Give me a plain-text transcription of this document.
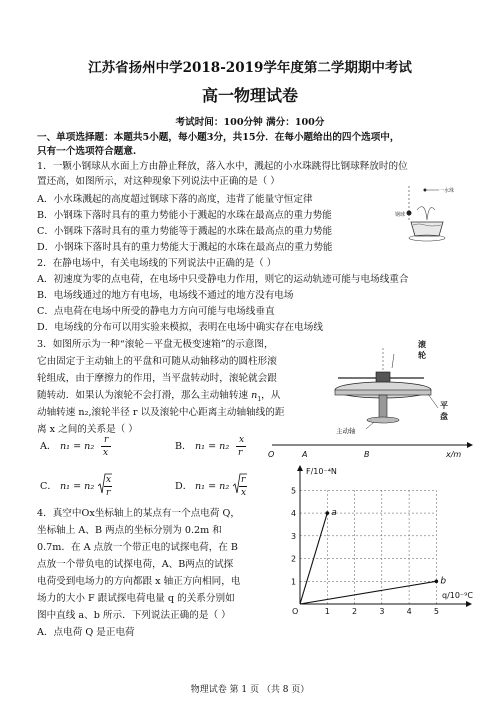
江苏省扬州中学2018-2019学年度第二学期期中考试
高一物理试卷
考试时间：100分钟 满分：100分
一、单项选择题：本题共5小题，每小题3分，共15分．在每小题给出的四个选项中，
只有一个选项符合题意.
1．一颗小钢球从水面上方由静止释放，落入水中，溅起的小水珠跳得比钢球释放时的位
置还高，如图所示，对这种现象下列说法中正确的是（ ）
A．小水珠溅起的高度超过钢球下落的高度，违背了能量守恒定律
B．小钢珠下落时具有的重力势能小于溅起的水珠在最高点的重力势能
C．小钢珠下落时具有的重力势能等于溅起的水珠在最高点的重力势能
D．小钢珠下落时具有的重力势能大于溅起的水珠在最高点的重力势能
一水珠
钢球
2．在静电场中，有关电场线的下列说法中正确的是（ ）
A．初速度为零的点电荷，在电场中只受静电力作用，则它的运动轨迹可能与电场线重合
B．电场线通过的地方有电场，电场线不通过的地方没有电场
C．点电荷在电场中所受的静电力方向可能与电场线垂直
D．电场线的分布可以用实验来模拟，表明在电场中确实存在电场线
3．如图所示为一种“滚轮－平盘无极变速箱”的示意图，
它由固定于主动轴上的平盘和可随从动轴移动的圆柱形滚
轮组成，由于摩擦力的作用，当平盘转动时，滚轮就会跟
随转动．如果认为滚轮不会打滑，那么主动轴转速 $n_1$，从
动轴转速 n₂,滚轮半径 r 以及滚轮中心距离主动轴轴线的距
离 x 之间的关系是（ ）
滚
轮
平
盘
主动轴
A． n₁ = n₂
r
x
B． n₁ = n₂
x
r
C． n₁ = n₂
x
r
D． n₁ = n₂
r
x
O	A	B	x/m
4．真空中Ox坐标轴上的某点有一个点电荷 Q，
坐标轴上 A、B 两点的坐标分别为 0.2m 和
0.7m．在 A 点放一个带正电的试探电荷，在 B
点放一个带负电的试探电荷，A、B两点的试探
电荷受到电场力的方向都跟 x 轴正方向相同，电
场力的大小 F 跟试探电荷电量 q 的关系分别如
图中直线 a、b 所示．下列说法正确的是（ ）
A．点电荷 Q 是正电荷
1	2	3	4	5
1
2
3
4
5
a
b
F/10⁻⁴N
q/10⁻⁹C
O
物理试卷 第 1 页 （共 8 页）
